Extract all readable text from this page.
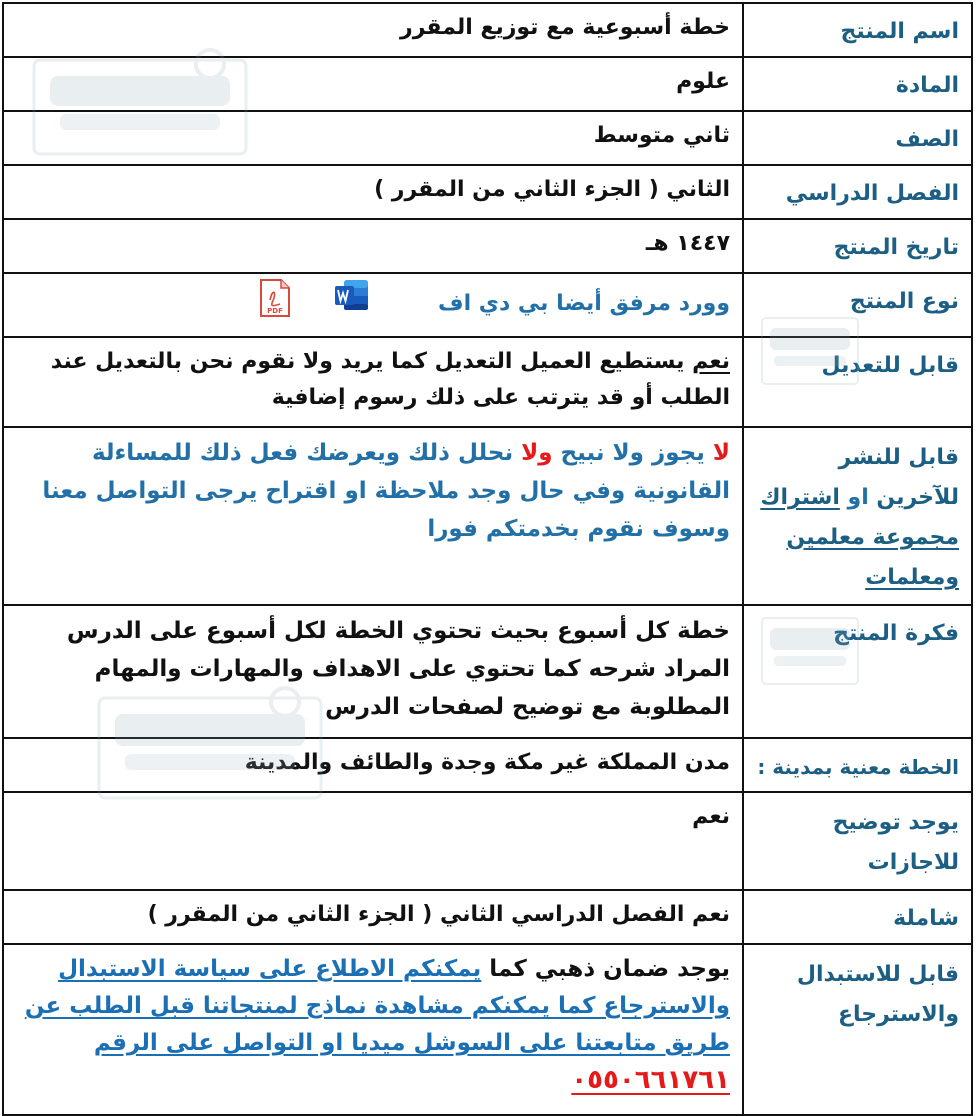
اسم المنتج	خطة أسبوعية مع توزيع المقرر
المادة	علوم
الصف	ثاني متوسط
الفصل الدراسي	الثاني ( الجزء الثاني من المقرر )
تاريخ المنتج	١٤٤٧ هـ
نوع المنتج	وورد مرفق أيضا بي دي اف
PDF

قابل للتعديل	نعم يستطيع العميل التعديل كما يريد ولا نقوم نحن بالتعديل عند الطلب أو قد يترتب على ذلك رسوم إضافية
قابل للنشر للآخرين او اشتراك مجموعة معلمين ومعلمات	لا يجوز ولا نبيح ولا نحلل ذلك ويعرضك فعل ذلك للمساءلة القانونية وفي حال وجد ملاحظة او اقتراح يرجى التواصل معنا وسوف نقوم بخدمتكم فورا
فكرة المنتج	خطة كل أسبوع بحيث تحتوي الخطة لكل أسبوع على الدرس المراد شرحه كما تحتوي على الاهداف والمهارات والمهام المطلوبة مع توضيح لصفحات الدرس
الخطة معنية بمدينة :	مدن المملكة غير مكة وجدة والطائف والمدينة
يوجد توضيح للاجازات	نعم
شاملة	نعم الفصل الدراسي الثاني ( الجزء الثاني من المقرر )
قابل للاستبدال والاسترجاع	يوجد ضمان ذهبي كما يمكنكم الاطلاع على سياسة الاستبدال والاسترجاع كما يمكنكم مشاهدة نماذج لمنتجاتنا قبل الطلب عن طريق متابعتنا على السوشل ميديا او التواصل على الرقم
٠٥٥٠٦٦١٧٦١
